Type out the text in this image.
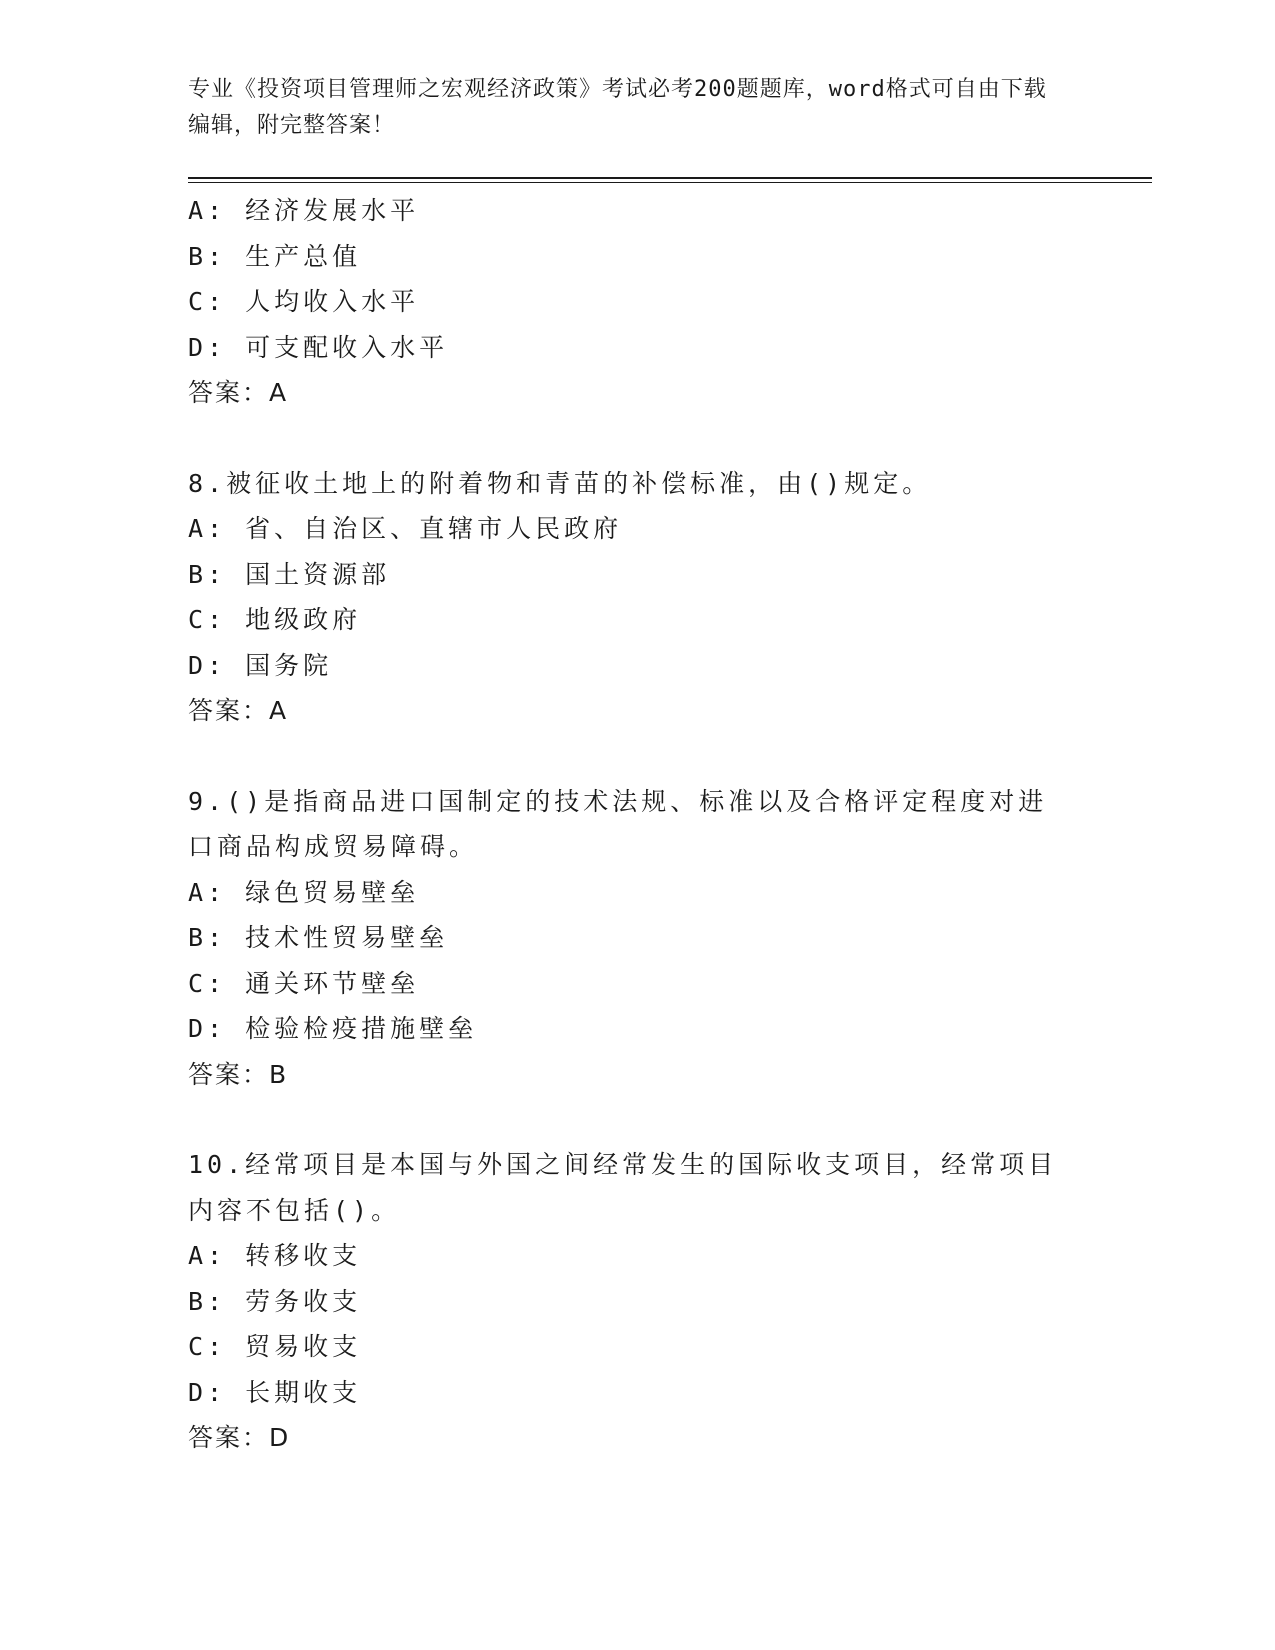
专业《投资项目管理师之宏观经济政策》考试必考200题题库，word格式可自由下载编辑，附完整答案！
A: 经济发展水平
B: 生产总值
C: 人均收入水平
D: 可支配收入水平
答案：A
8.被征收土地上的附着物和青苗的补偿标准，由()规定。
A: 省、自治区、直辖市人民政府
B: 国土资源部
C: 地级政府
D: 国务院
答案：A
9.()是指商品进口国制定的技术法规、标准以及合格评定程度对进口商品构成贸易障碍。
A: 绿色贸易壁垒
B: 技术性贸易壁垒
C: 通关环节壁垒
D: 检验检疫措施壁垒
答案：B
10.经常项目是本国与外国之间经常发生的国际收支项目，经常项目内容不包括()。
A: 转移收支
B: 劳务收支
C: 贸易收支
D: 长期收支
答案：D
